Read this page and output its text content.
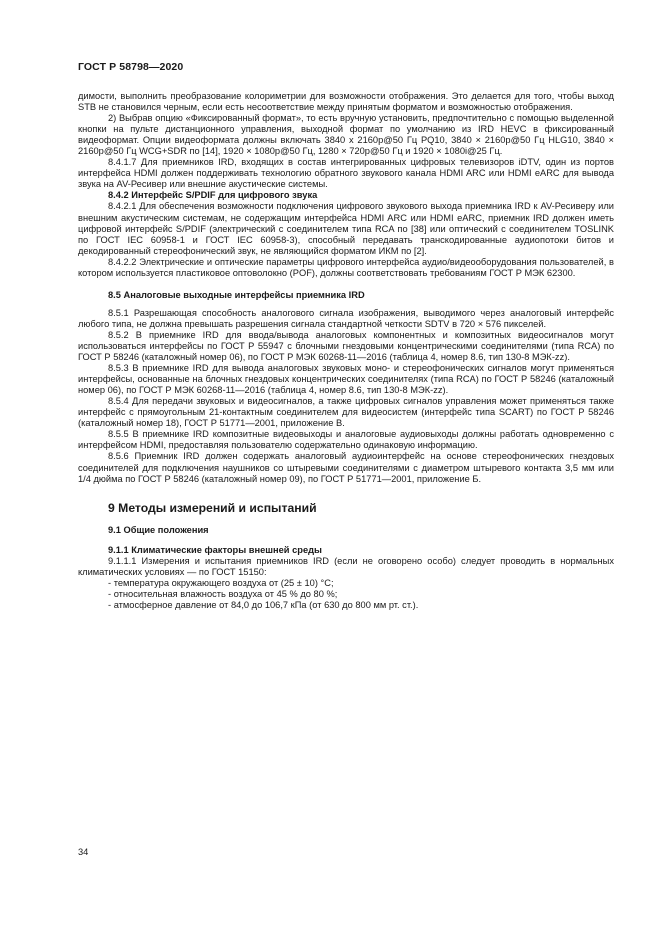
ГОСТ Р 58798—2020

димости, выполнить преобразование колориметрии для возможности отображения. Это делается для того, чтобы выход STB не становился черным, если есть несоответствие между принятым форматом и возможностью отображения.

2) Выбрав опцию «Фиксированный формат», то есть вручную установить, предпочтительно с помощью выделенной кнопки на пульте дистанционного управления, выходной формат по умолчанию из IRD HEVC в фиксированный видеоформат. Опции видеоформата должны включать 3840 x 2160p@50 Гц PQ10, 3840 × 2160p@50 Гц HLG10, 3840 × 2160p@50 Гц WCG+SDR по [14], 1920 × 1080p@50 Гц, 1280 × 720p@50 Гц и 1920 × 1080i@25 Гц.

8.4.1.7 Для приемников IRD, входящих в состав интегрированных цифровых телевизоров iDTV, один из портов интерфейса HDMI должен поддерживать технологию обратного звукового канала HDMI ARC или HDMI eARC для вывода звука на AV-Ресивер или внешние акустические системы.

8.4.2 Интерфейс S/PDIF для цифрового звука

8.4.2.1 Для обеспечения возможности подключения цифрового звукового выхода приемника IRD к AV-Ресиверу или внешним акустическим системам, не содержащим интерфейса HDMI ARC или HDMI eARC, приемник IRD должен иметь цифровой интерфейс S/PDIF (электрический с соединителем типа RCA по [38] или оптический с соединителем TOSLINK по ГОСТ IEC 60958-1 и ГОСТ IEC 60958-3), способный передавать транскодированные аудиопотоки битов и декодированный стереофонический звук, не являющийся форматом ИКМ по [2].

8.4.2.2 Электрические и оптические параметры цифрового интерфейса аудио/видеооборудования пользователей, в котором используется пластиковое оптоволокно (POF), должны соответствовать требованиям ГОСТ Р МЭК 62300.

8.5 Аналоговые выходные интерфейсы приемника IRD

8.5.1 Разрешающая способность аналогового сигнала изображения, выводимого через аналоговый интерфейс любого типа, не должна превышать разрешения сигнала стандартной четкости SDTV в 720 × 576 пикселей.

8.5.2 В приемнике IRD для ввода/вывода аналоговых компонентных и композитных видеосигналов могут использоваться интерфейсы по ГОСТ Р 55947 с блочными гнездовыми концентрическими соединителями (типа RCA) по ГОСТ Р 58246 (каталожный номер 06), по ГОСТ Р МЭК 60268-11—2016 (таблица 4, номер 8.6, тип 130-8 МЭК-zz).

8.5.3 В приемнике IRD для вывода аналоговых звуковых моно- и стереофонических сигналов могут применяться интерфейсы, основанные на блочных гнездовых концентрических соединителях (типа RCA) по ГОСТ Р 58246 (каталожный номер 06), по ГОСТ Р МЭК 60268-11—2016 (таблица 4, номер 8.6, тип 130-8 МЭК-zz).

8.5.4 Для передачи звуковых и видеосигналов, а также цифровых сигналов управления может применяться также интерфейс с прямоугольным 21-контактным соединителем для видеосистем (интерфейс типа SCART) по ГОСТ Р 58246 (каталожный номер 18), ГОСТ Р 51771—2001, приложение В.

8.5.5 В приемнике IRD композитные видеовыходы и аналоговые аудиовыходы должны работать одновременно с интерфейсом HDMI, предоставляя пользователю содержательно одинаковую информацию.

8.5.6 Приемник IRD должен содержать аналоговый аудиоинтерфейс на основе стереофонических гнездовых соединителей для подключения наушников со штыревыми соединителями с диаметром штыревого контакта 3,5 мм или 1/4 дюйма по ГОСТ Р 58246 (каталожный номер 09), по ГОСТ Р 51771—2001, приложение Б.

9 Методы измерений и испытаний

9.1 Общие положения

9.1.1 Климатические факторы внешней среды

9.1.1.1 Измерения и испытания приемников IRD (если не оговорено особо) следует проводить в нормальных климатических условиях — по ГОСТ 15150:

- температура окружающего воздуха от (25 ± 10) °С;
- относительная влажность воздуха от 45 % до 80 %;
- атмосферное давление от 84,0 до 106,7 кПа (от 630 до 800 мм рт. ст.).
34
